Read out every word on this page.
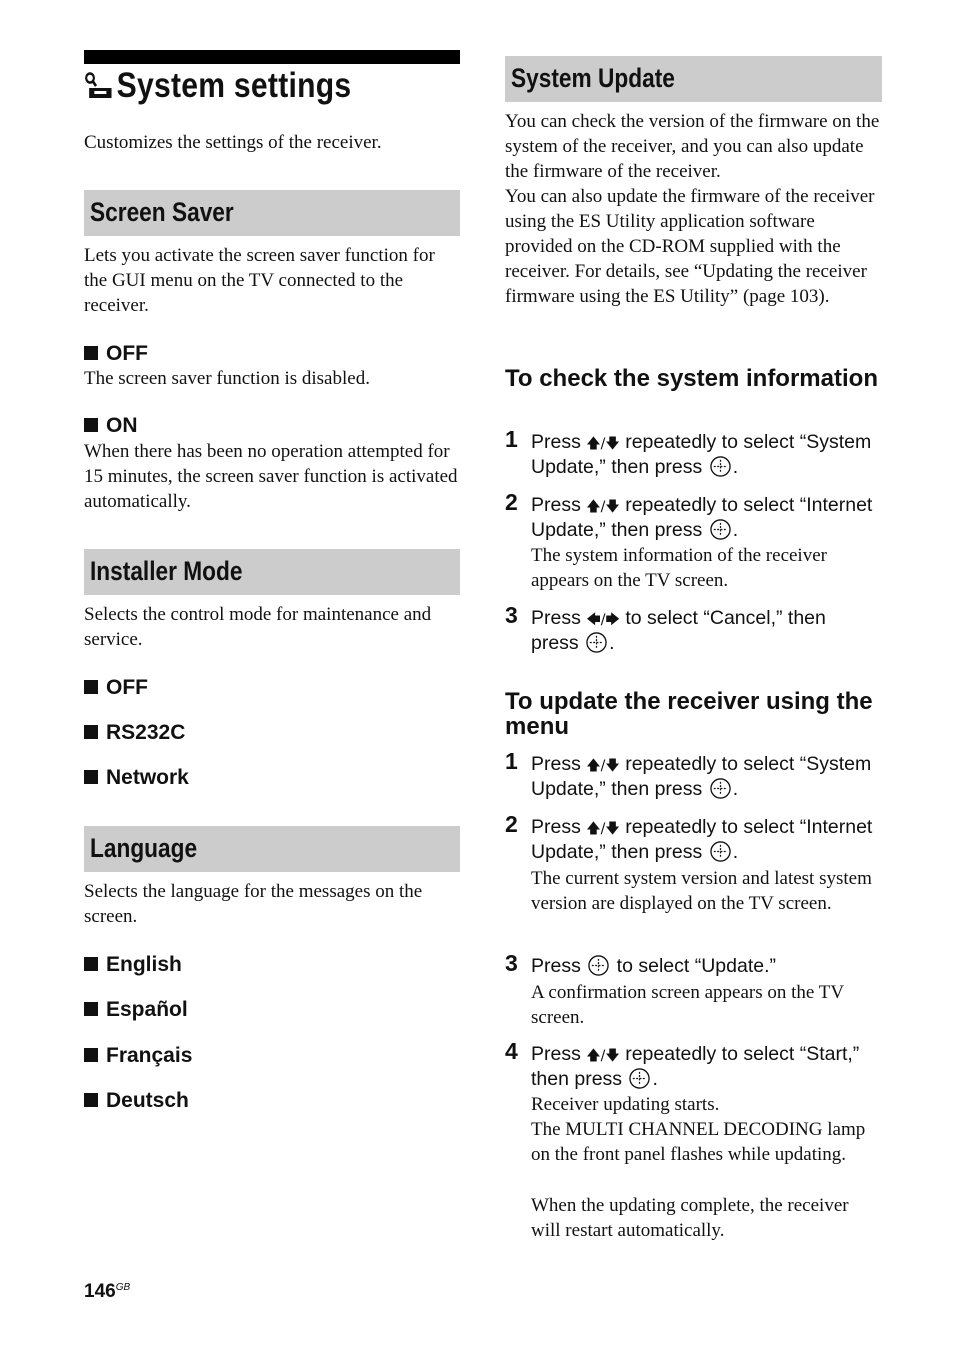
System settings
Customizes the settings of the receiver.
Screen Saver
Lets you activate the screen saver function for the GUI menu on the TV connected to the receiver.
OFF
The screen saver function is disabled.
ON
When there has been no operation attempted for 15 minutes, the screen saver function is activated automatically.
Installer Mode
Selects the control mode for maintenance and service.
OFF
RS232C
Network
Language
Selects the language for the messages on the screen.
English
Español
Français
Deutsch
$146^{GB}$
System Update
You can check the version of the firmware on the system of the receiver, and you can also update the firmware of the receiver.
You can also update the firmware of the receiver using the ES Utility application software provided on the CD-ROM supplied with the receiver. For details, see “Updating the receiver firmware using the ES Utility” (page 103).
To check the system information
1 Press 🡅/🡇 repeatedly to select “System
Update,” then press .
2 Press 🡅/🡇 repeatedly to select “Internet
Update,” then press .
The system information of the receiver appears on the TV screen.
3 Press 🡄/🡆 to select “Cancel,” then
press .
1 Press 🡅/🡇 repeatedly to select “System
Update,” then press .
2 Press 🡅/🡇 repeatedly to select “Internet
Update,” then press .
The current system version and latest system version are displayed on the TV screen.
3 Press  to select “Update.”
A confirmation screen appears on the TV screen.
4 Press 🡅/🡇 repeatedly to select “Start,”
then press .
Receiver updating starts.
The MULTI CHANNEL DECODING lamp on the front panel flashes while updating.
When the updating complete, the receiver will restart automatically.
To update the receiver using the menu
